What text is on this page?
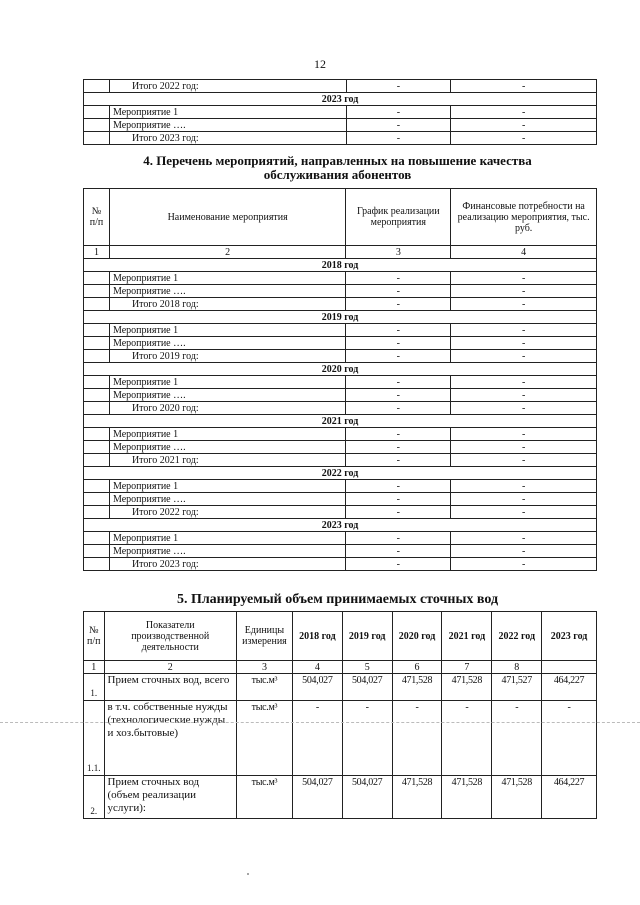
12
	Итого 2022 год:	-	-
2023 год			
	Мероприятие 1	-	-
	Мероприятие ….	-	-
	Итого 2023 год:	-	-
4. Перечень мероприятий, направленных на повышение качества
обслуживания абонентов
№ п/п	Наименование мероприятия	График реализации мероприятия	Финансовые потребности на реализацию мероприятия, тыс. руб.
1	2	3	4
2018 год			
	Мероприятие 1	-	-
	Мероприятие ….	-	-
	Итого 2018 год:	-	-
2019 год			
	Мероприятие 1	-	-
	Мероприятие ….	-	-
	Итого 2019 год:	-	-
2020 год			
	Мероприятие 1	-	-
	Мероприятие ….	-	-
	Итого 2020 год:	-	-
2021 год			
	Мероприятие 1	-	-
	Мероприятие ….	-	-
	Итого 2021 год:	-	-
2022 год			
	Мероприятие 1	-	-
	Мероприятие ….	-	-
	Итого 2022 год:	-	-
2023 год			
	Мероприятие 1	-	-
	Мероприятие ….	-	-
	Итого 2023 год:	-	-
5. Планируемый объем принимаемых сточных вод
№ п/п	Показатели производственной деятельности	Единицы измерения	2018 год	2019 год	2020 год	2021 год	2022 год	2023 год
1	2	3	4	5	6	7	8	
1.	Прием сточных вод, всего	тыс.м³	504,027	504,027	471,528	471,528	471,527	464,227
1.1.	в т.ч. собственные нужды (технологические нужды и хоз.бытовые)	тыс.м³	-	-	-	-	-	-
2.	Прием сточных вод (объем реализации услуги):	тыс.м³	504,027	504,027	471,528	471,528	471,528	464,227
